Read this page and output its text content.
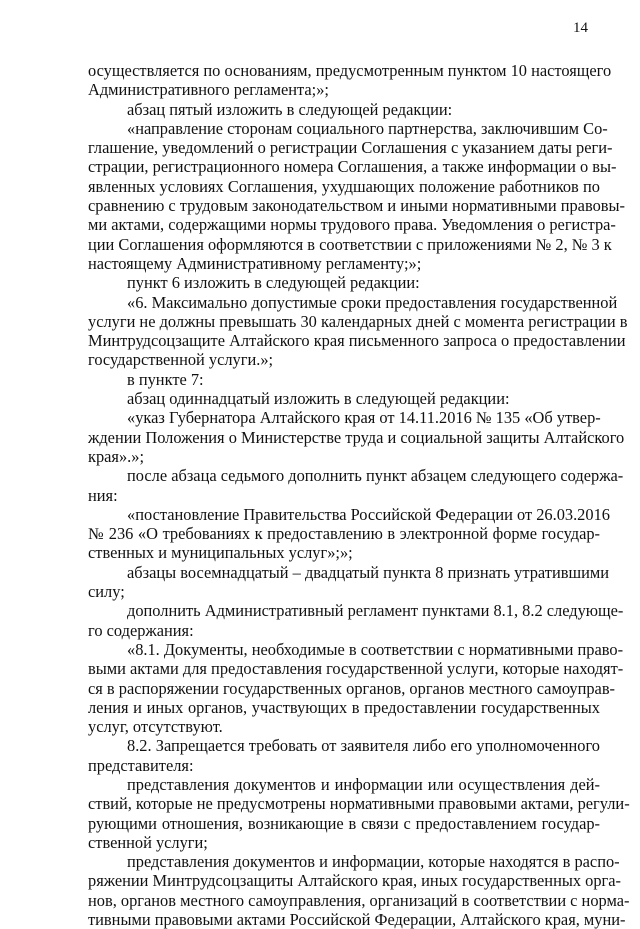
14
осуществляется по основаниям, предусмотренным пунктом 10 настоящего
Административного регламента;»;
абзац пятый изложить в следующей редакции:
«направление сторонам социального партнерства, заключившим Со-
глашение, уведомлений о регистрации Соглашения с указанием даты реги-
страции, регистрационного номера Соглашения, а также информации о вы-
явленных условиях Соглашения, ухудшающих положение работников по
сравнению с трудовым законодательством и иными нормативными правовы-
ми актами, содержащими нормы трудового права. Уведомления о регистра-
ции Соглашения оформляются в соответствии с приложениями № 2, № 3 к
настоящему Административному регламенту;»;
пункт 6 изложить в следующей редакции:
«6. Максимально допустимые сроки предоставления государственной
услуги не должны превышать 30 календарных дней с момента регистрации в
Минтрудсоцзащите Алтайского края письменного запроса о предоставлении
государственной услуги.»;
в пункте 7:
абзац одиннадцатый изложить в следующей редакции:
«указ Губернатора Алтайского края от 14.11.2016 № 135 «Об утвер-
ждении Положения о Министерстве труда и социальной защиты Алтайского
края».»;
после абзаца седьмого дополнить пункт абзацем следующего содержа-
ния:
«постановление Правительства Российской Федерации от 26.03.2016
№ 236 «О требованиях к предоставлению в электронной форме государ-
ственных и муниципальных услуг»;»;
абзацы восемнадцатый – двадцатый пункта 8 признать утратившими
силу;
дополнить Административный регламент пунктами 8.1, 8.2 следующе-
го содержания:
«8.1. Документы, необходимые в соответствии с нормативными право-
выми актами для предоставления государственной услуги, которые находят-
ся в распоряжении государственных органов, органов местного самоуправ-
ления и иных органов, участвующих в предоставлении государственных
услуг, отсутствуют.
8.2. Запрещается требовать от заявителя либо его уполномоченного
представителя:
представления документов и информации или осуществления дей-
ствий, которые не предусмотрены нормативными правовыми актами, регули-
рующими отношения, возникающие в связи с предоставлением государ-
ственной услуги;
представления документов и информации, которые находятся в распо-
ряжении Минтрудсоцзащиты Алтайского края, иных государственных орга-
нов, органов местного самоуправления, организаций в соответствии с норма-
тивными правовыми актами Российской Федерации, Алтайского края, муни-
